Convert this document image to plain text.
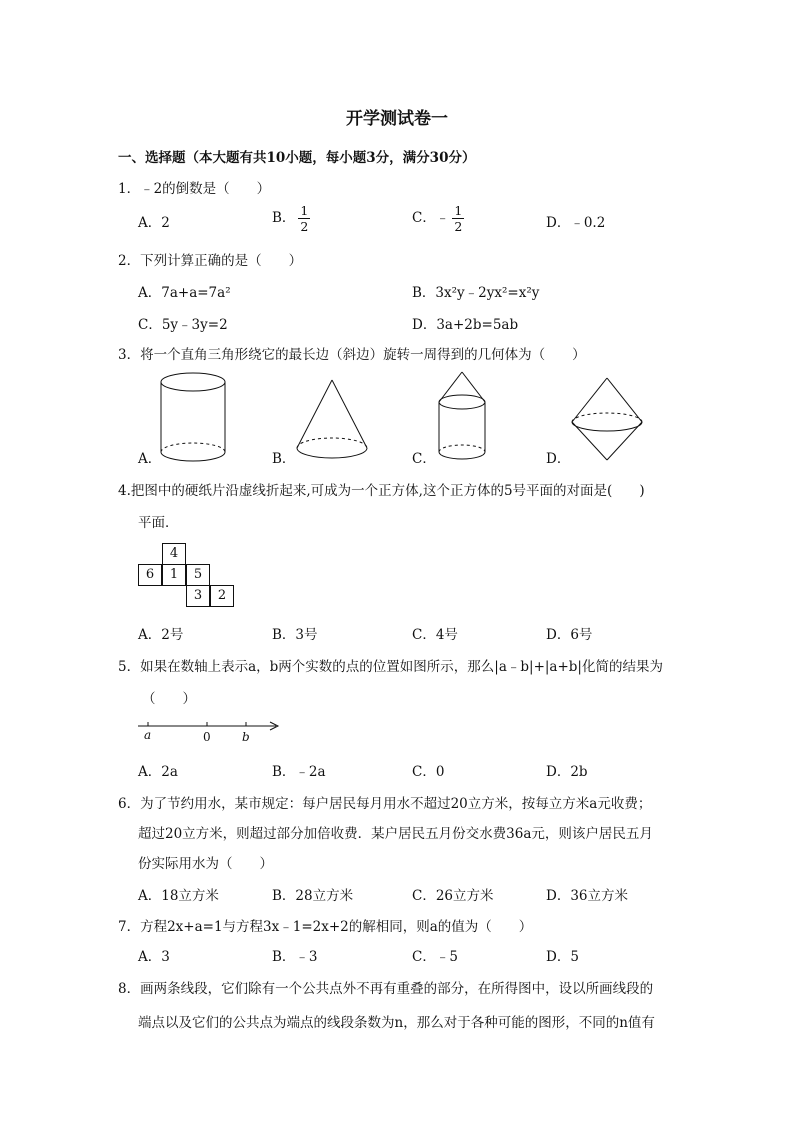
开学测试卷一
一、选择题（本大题有共10小题，每小题3分，满分30分）
1．﹣2的倒数是（　　）
A．2	B． $\frac{1}{2}$	C．﹣ $\frac{1}{2}$	D．﹣0.2
2．下列计算正确的是（　　）
A．7a+a=7a²	B．3x²y﹣2yx²=x²y
C．5y﹣3y=2	D．3a+2b=5ab
3．将一个直角三角形绕它的最长边（斜边）旋转一周得到的几何体为（　　）
A．	B．	C．	D．
4.把图中的硬纸片沿虚线折起来,可成为一个正方体,这个正方体的5号平面的对面是(　　)
平面．
4
6	1	5
3	2
A．2号	B．3号	C．4号	D．6号
5．如果在数轴上表示a，b两个实数的点的位置如图所示，那么|a﹣b|+|a+b|化简的结果为
（　　）
a	0	b
A．2a	B．﹣2a	C．0	D．2b
6．为了节约用水，某市规定：每户居民每月用水不超过20立方米，按每立方米a元收费；
超过20立方米，则超过部分加倍收费．某户居民五月份交水费36a元，则该户居民五月
份实际用水为（　　）
A．18立方米	B．28立方米	C．26立方米	D．36立方米
7．方程2x+a=1与方程3x﹣1=2x+2的解相同，则a的值为（　　）
A．3	B．﹣3	C．﹣5	D．5
8．画两条线段，它们除有一个公共点外不再有重叠的部分，在所得图中，设以所画线段的
端点以及它们的公共点为端点的线段条数为n，那么对于各种可能的图形，不同的n值有
